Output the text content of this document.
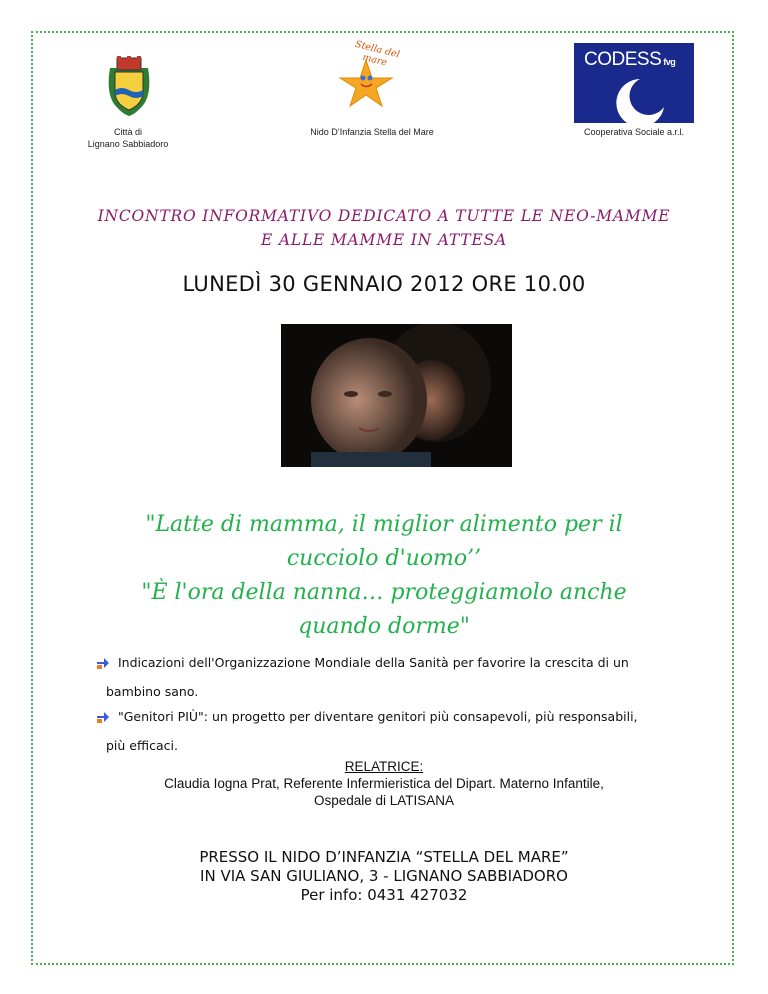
Città di
Lignano Sabbiadoro
Stella del mare
Nido D’Infanzia Stella del Mare
CODESS fvg
Cooperativa Sociale a.r.l.
INCONTRO INFORMATIVO DEDICATO A TUTTE LE NEO-MAMME
E ALLE MAMME IN ATTESA
LUNEDÌ 30 GENNAIO 2012 ORE 10.00
"Latte di mamma, il miglior alimento per il
cucciolo d'uomo’’
"È l'ora della nanna… proteggiamolo anche
quando dorme"
Indicazioni dell'Organizzazione Mondiale della Sanità per favorire la crescita di un
bambino sano.
"Genitori PIÙ": un progetto per diventare genitori più consapevoli, più responsabili,
più efficaci.
RELATRICE:
Claudia Iogna Prat, Referente Infermieristica del Dipart. Materno Infantile,
Ospedale di LATISANA
PRESSO IL NIDO D’INFANZIA “STELLA DEL MARE”
IN VIA SAN GIULIANO, 3 - LIGNANO SABBIADORO
Per info: 0431 427032
